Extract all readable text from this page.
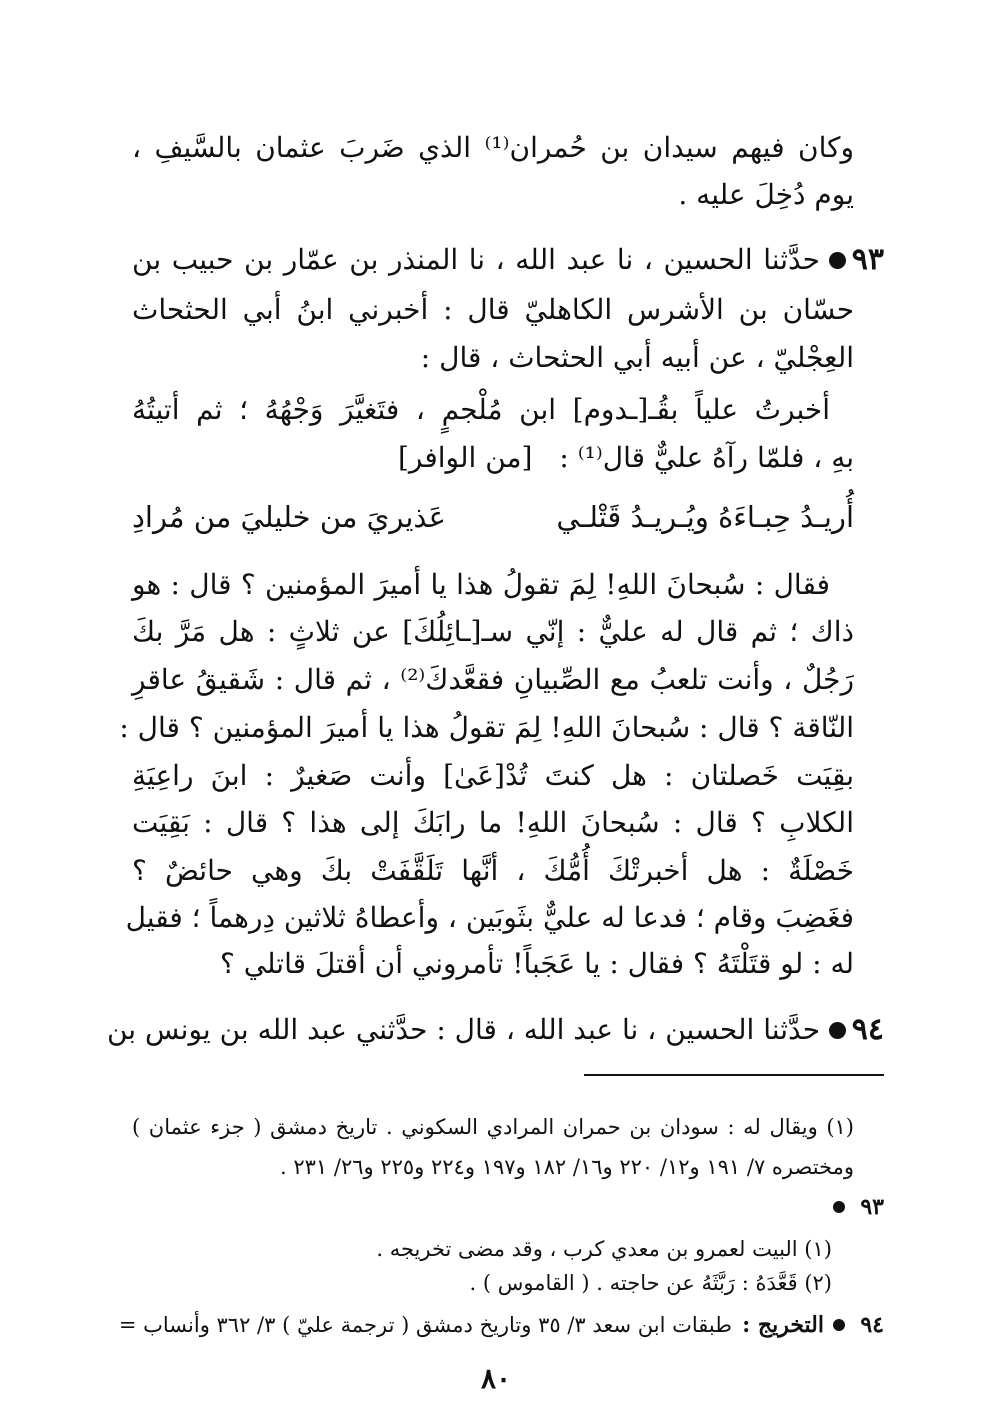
وكان فيهم سيدان بن حُمران⁽¹⁾ الذي ضَربَ عثمان بالسَّيفِ ،
يوم دُخِلَ عليه .
٩٣
حدَّثنا الحسين ، نا عبد الله ، نا المنذر بن عمّار بن حبيب بن
حسّان بن الأشرس الكاهليّ قال : أخبرني ابنُ أبي الحثحاث
العِجْليّ ، عن أبيه أبي الحثحاث ، قال :
أخبرتُ علياً بقُـ[ـدوم] ابن مُلْجمٍ ، فتَغيَّرَ وَجْهُهُ ؛ ثم أتيتُهُ
بهِ ، فلمّا رآهُ عليٌّ قال⁽¹⁾ :
[من الوافر]
أُريـدُ حِبـاءَهُ ويُـريـدُ قَتْلـي
عَذيريَ من خليليَ من مُرادِ
فقال : سُبحانَ اللهِ! لِمَ تقولُ هذا يا أميرَ المؤمنين ؟ قال : هو
ذاك ؛ ثم قال له عليٌّ : إنّي سـ[ـائِلُكَ] عن ثلاثٍ : هل مَرَّ بكَ
رَجُلٌ ، وأنت تلعبُ مع الصِّبيانِ فقعَّدكَ⁽²⁾ ، ثم قال : شَقيقُ عاقرِ
النّاقة ؟ قال : سُبحانَ اللهِ! لِمَ تقولُ هذا يا أميرَ المؤمنين ؟ قال :
بقِيَت خَصلتان : هل كنتَ تُدْ[عَىٰ] وأنت صَغيرٌ : ابنَ راعِيَةِ
الكلابِ ؟ قال : سُبحانَ اللهِ! ما رابَكَ إلى هذا ؟ قال : بَقِيَت
خَصْلَةٌ : هل أخبرتْكَ أُمُّكَ ، أنَّها تَلَقَّفَتْ بكَ وهي حائضٌ ؟
فغَضِبَ وقام ؛ فدعا له عليٌّ بثَوبَين ، وأعطاهُ ثلاثين دِرهماً ؛ فقيل
له : لو قتَلْتَهُ ؟ فقال : يا عَجَباً! تأمروني أن أقتلَ قاتلي ؟
٩٤
حدَّثنا الحسين ، نا عبد الله ، قال : حدَّثني عبد الله بن يونس بن
(١) ويقال له : سودان بن حمران المرادي السكوني . تاريخ دمشق ( جزء عثمان )
ومختصره ٧/ ١٩١ و١٢/ ٢٢٠ و١٦/ ١٨٢ و١٩٧ و٢٢٤ و٢٢٥ و٢٦/ ٢٣١ .
٩٣
(١) البيت لعمرو بن معدي كرب ، وقد مضى تخريجه .
(٢) قَعَّدَهُ : رَبَّثَهُ عن حاجته . ( القاموس ) .
٩٤
التخريج :
طبقات ابن سعد ٣/ ٣٥ وتاريخ دمشق ( ترجمة عليّ ) ٣/ ٣٦٢ وأنساب =
٨٠
